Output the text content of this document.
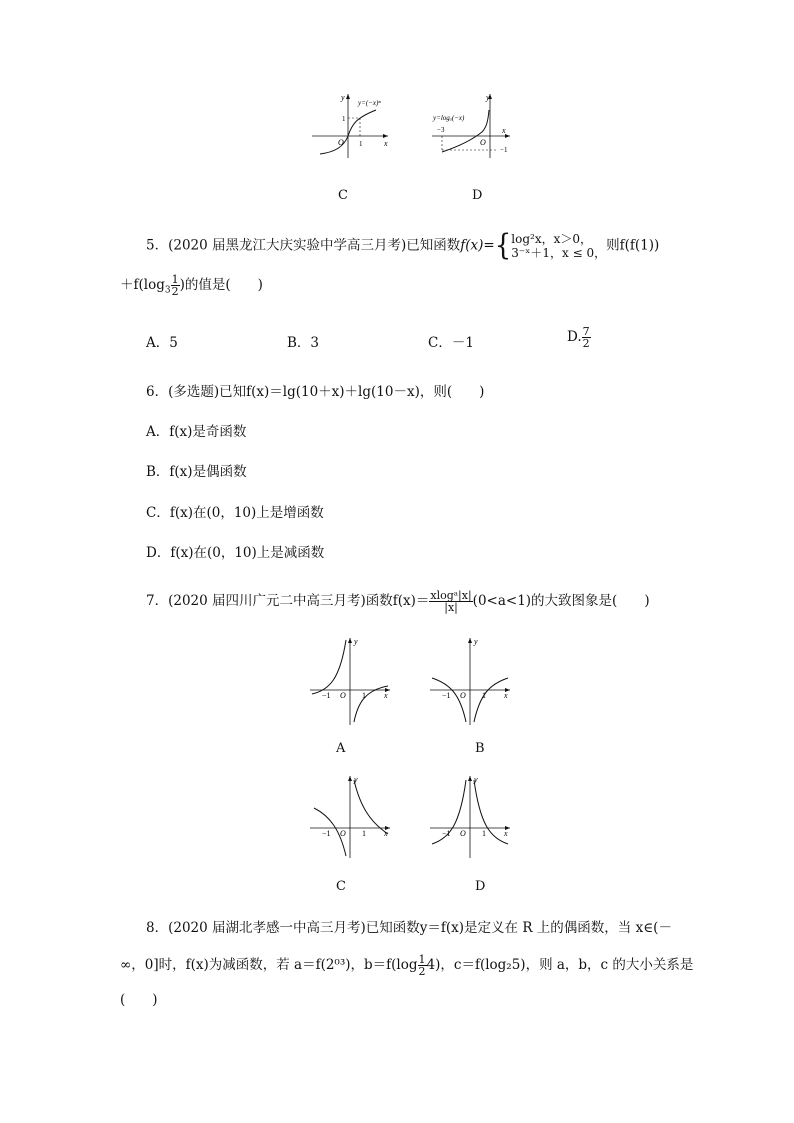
y
x
O 1
1
y=(−x)ⁿ
y
x
O
−3
−1
y=logₐ(−x)
C	D
5．(2020 届黑龙江大庆实验中学高三月考)已知函数f(x)={ log²x，x＞0，
3⁻ˣ＋1，x ≤ 0， 则f(f(1))
$+f(\log_3 \frac{1}{2}$ )的值是(　　)
A．5	B．3	C．－1	D. $\frac{7}{2}$
6．(多选题)已知f(x)＝lg(10＋x)＋lg(10－x)，则(　　)
A．f(x)是奇函数
B．f(x)是偶函数
C．f(x)在(0，10)上是增函数
D．f(x)在(0，10)上是减函数
7．(2020 届四川广元二中高三月考)函数$f(x)= \frac{\text{xlogᵃ|x|}}{|x|} (0<a<1)$的大致图象是(　　)
y
x
O
−1	1
y
x
O
−1	1
y
x
O
−1	1
y
x
O
−1	1
A	B
C	D
8．(2020 届湖北孝感一中高三月考)已知函数y＝f(x)是定义在 R 上的偶函数，当 x∈(－
∞，0]时，f(x)为减函数，若 a＝f(2⁰³)，$b=f(\log \frac{1}{2} 4)$，c＝f(log₂5)，则 a，b，c 的大小关系是
(　　)
